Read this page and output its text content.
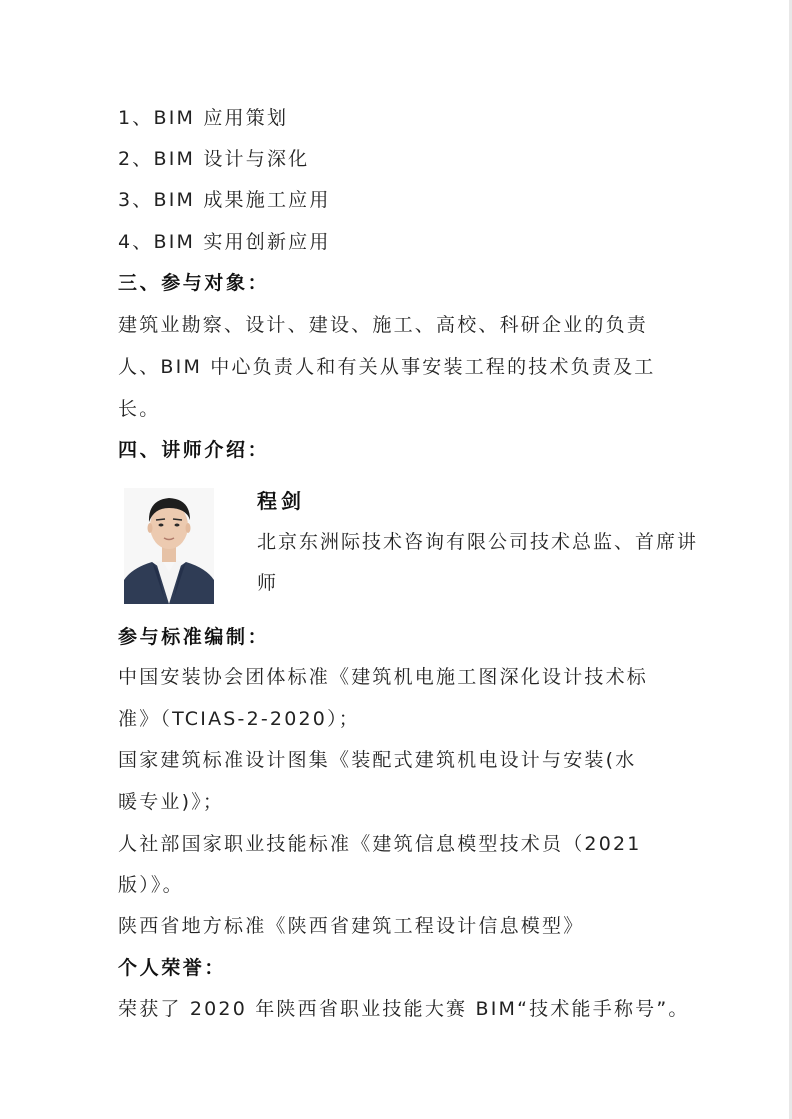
1、BIM 应用策划
2、BIM 设计与深化
3、BIM 成果施工应用
4、BIM 实用创新应用
三、参与对象：
建筑业勘察、设计、建设、施工、高校、科研企业的负责
人、BIM 中心负责人和有关从事安装工程的技术负责及工
长。
四、讲师介绍：
程剑
北京东洲际技术咨询有限公司技术总监、首席讲
师
参与标准编制：
中国安装协会团体标准《建筑机电施工图深化设计技术标
准》（TCIAS-2-2020）；
国家建筑标准设计图集《装配式建筑机电设计与安装(水
暖专业)》；
人社部国家职业技能标准《建筑信息模型技术员（2021
版）》。
陕西省地方标准《陕西省建筑工程设计信息模型》
个人荣誉：
荣获了 2020 年陕西省职业技能大赛 BIM“技术能手称号”。
